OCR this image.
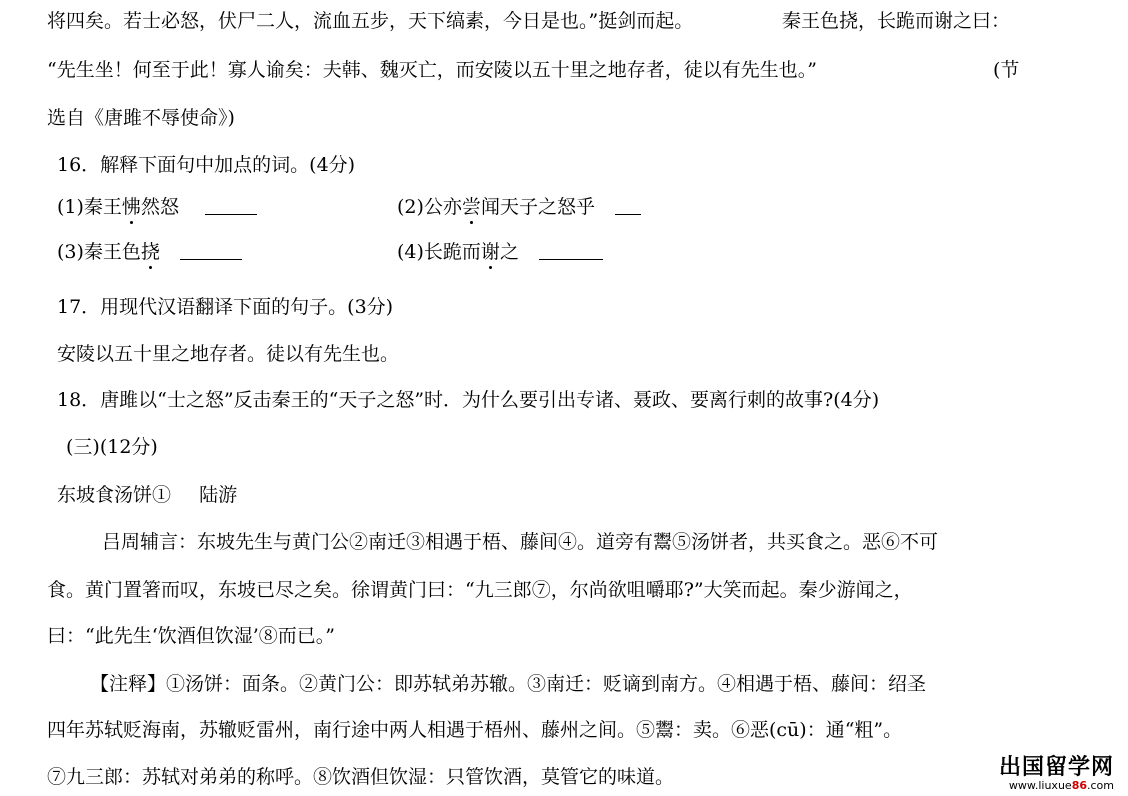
将四矣。若士必怒，伏尸二人，流血五步，天下缟素，今日是也。”挺剑而起。	秦王色挠，长跪而谢之曰：
“先生坐！何至于此！寡人谕矣：夫韩、魏灭亡，而安陵以五十里之地存者，徒以有先生也。”	(节
选自《唐雎不辱使命》)
16．解释下面句中加点的词。(4分)
(1)秦王怫然怒	(2)公亦尝闻天子之怒乎
(3)秦王色挠	(4)长跪而谢之
17．用现代汉语翻译下面的句子。(3分)
安陵以五十里之地存者。徒以有先生也。
18．唐雎以“士之怒”反击秦王的“天子之怒”时．为什么要引出专诸、聂政、要离行刺的故事?(4分)
(三)(12分)
东坡食汤饼① 陆游
吕周辅言：东坡先生与黄门公②南迁③相遇于梧、藤间④。道旁有鬻⑤汤饼者，共买食之。恶⑥不可
食。黄门置箸而叹，东坡已尽之矣。徐谓黄门曰：“九三郎⑦，尔尚欲咀嚼耶?”大笑而起。秦少游闻之，
曰：“此先生‘饮酒但饮湿’⑧而已。”
【注释】①汤饼：面条。②黄门公：即苏轼弟苏辙。③南迁：贬谪到南方。④相遇于梧、藤间：绍圣
四年苏轼贬海南，苏辙贬雷州，南行途中两人相遇于梧州、藤州之间。⑤鬻：卖。⑥恶(cū)：通“粗”。
⑦九三郎：苏轼对弟弟的称呼。⑧饮酒但饮湿：只管饮酒，莫管它的味道。	出国留学网
www.liuxue86.com
